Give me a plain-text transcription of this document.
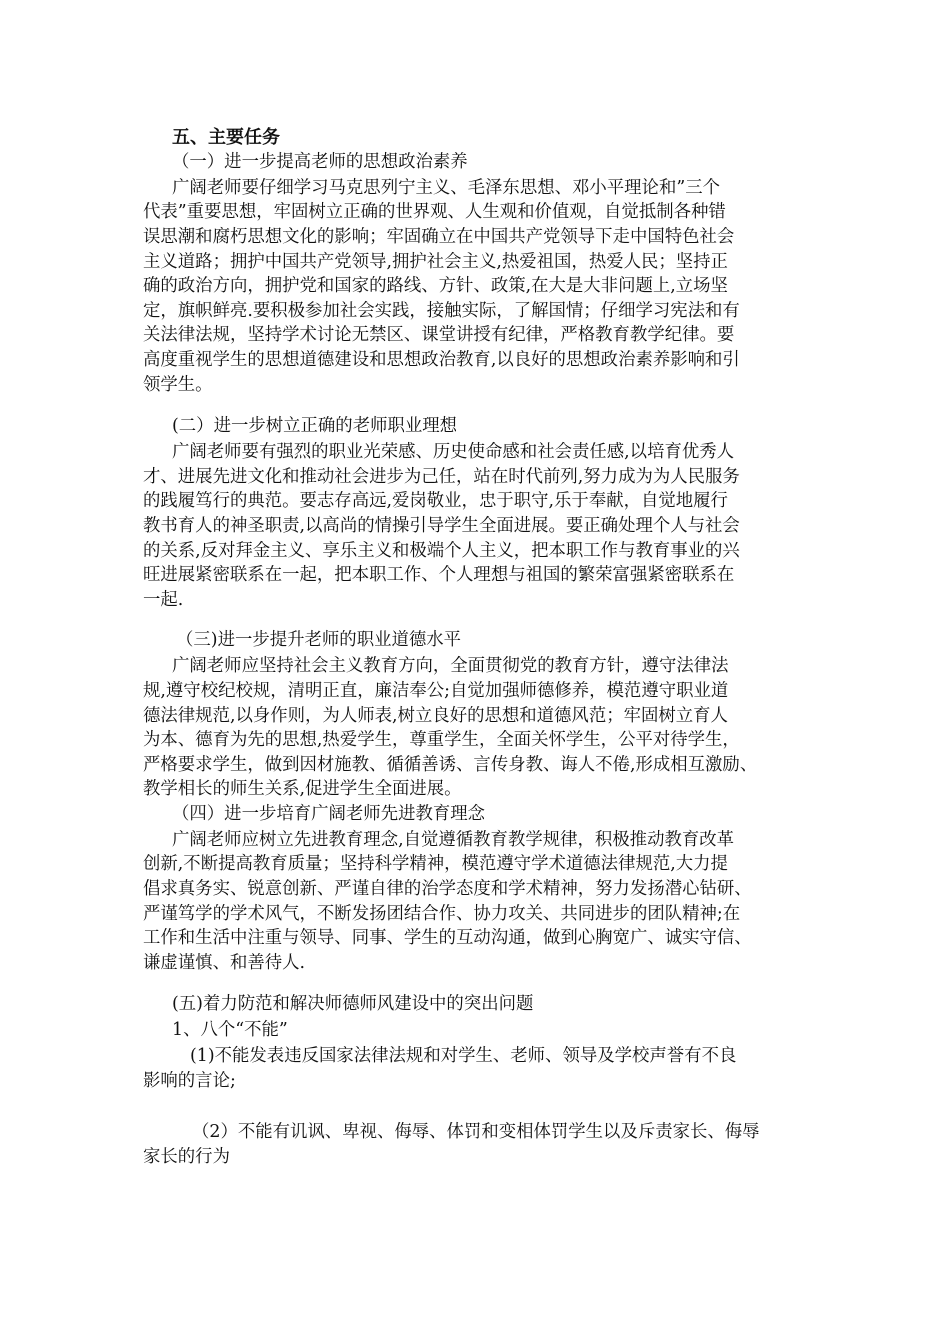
五、主要任务
（一）进一步提高老师的思想政治素养
广阔老师要仔细学习马克思列宁主义、毛泽东思想、邓小平理论和”三个
代表”重要思想，牢固树立正确的世界观、人生观和价值观，自觉抵制各种错
误思潮和腐朽思想文化的影响；牢固确立在中国共产党领导下走中国特色社会
主义道路；拥护中国共产党领导,拥护社会主义,热爱祖国，热爱人民；坚持正
确的政治方向，拥护党和国家的路线、方针、政策,在大是大非问题上,立场坚
定，旗帜鲜亮.要积极参加社会实践，接触实际，了解国情；仔细学习宪法和有
关法律法规，坚持学术讨论无禁区、课堂讲授有纪律，严格教育教学纪律。要
高度重视学生的思想道德建设和思想政治教育,以良好的思想政治素养影响和引
领学生。
(二）进一步树立正确的老师职业理想
广阔老师要有强烈的职业光荣感、历史使命感和社会责任感,以培育优秀人
才、进展先进文化和推动社会进步为己任，站在时代前列,努力成为为人民服务
的践履笃行的典范。要志存高远,爱岗敬业，忠于职守,乐于奉献，自觉地履行
教书育人的神圣职责,以高尚的情操引导学生全面进展。要正确处理个人与社会
的关系,反对拜金主义、享乐主义和极端个人主义，把本职工作与教育事业的兴
旺进展紧密联系在一起，把本职工作、个人理想与祖国的繁荣富强紧密联系在
一起.
（三)进一步提升老师的职业道德水平
广阔老师应坚持社会主义教育方向，全面贯彻党的教育方针，遵守法律法
规,遵守校纪校规，清明正直，廉洁奉公;自觉加强师德修养，模范遵守职业道
德法律规范,以身作则，为人师表,树立良好的思想和道德风范；牢固树立育人
为本、德育为先的思想,热爱学生，尊重学生，全面关怀学生，公平对待学生，
严格要求学生，做到因材施教、循循善诱、言传身教、诲人不倦,形成相互激励、
教学相长的师生关系,促进学生全面进展。
（四）进一步培育广阔老师先进教育理念
广阔老师应树立先进教育理念,自觉遵循教育教学规律，积极推动教育改革
创新,不断提高教育质量；坚持科学精神，模范遵守学术道德法律规范,大力提
倡求真务实、锐意创新、严谨自律的治学态度和学术精神，努力发扬潜心钻研、
严谨笃学的学术风气，不断发扬团结合作、协力攻关、共同进步的团队精神;在
工作和生活中注重与领导、同事、学生的互动沟通，做到心胸宽广、诚实守信、
谦虚谨慎、和善待人.
(五)着力防范和解决师德师风建设中的突出问题
1、八个“不能”
(1)不能发表违反国家法律法规和对学生、老师、领导及学校声誉有不良
影响的言论;
（2）不能有讥讽、卑视、侮辱、体罚和变相体罚学生以及斥责家长、侮辱
家长的行为
